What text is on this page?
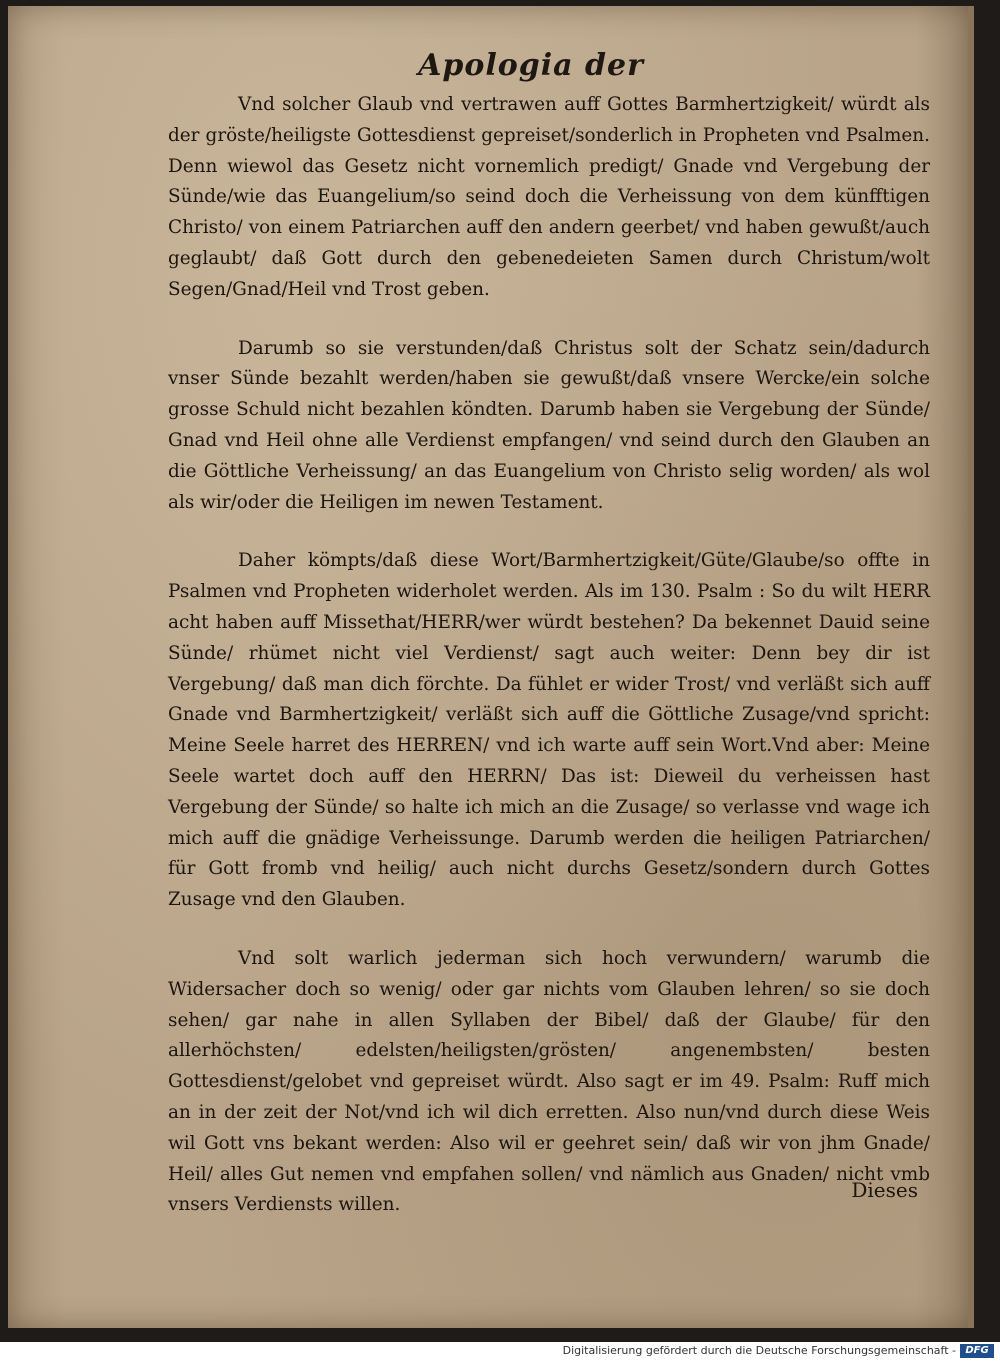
Apologia der

Vnd solcher Glaub vnd vertrawen auff Gottes Barmhertzigkeit/ würdt als der gröste/heiligste Gottesdienst gepreiset/sonderlich in Propheten vnd Psalmen. Denn wiewol das Gesetz nicht vornemlich predigt/ Gnade vnd Vergebung der Sünde/wie das Euangelium/so seind doch die Verheissung von dem künfftigen Christo/ von einem Patriarchen auff den andern geerbet/ vnd haben gewußt/auch geglaubt/ daß Gott durch den gebenedeieten Samen durch Christum/wolt Segen/Gnad/Heil vnd Trost geben.

Darumb so sie verstunden/daß Christus solt der Schatz sein/dadurch vnser Sünde bezahlt werden/haben sie gewußt/daß vnsere Wercke/ein solche grosse Schuld nicht bezahlen köndten. Darumb haben sie Vergebung der Sünde/ Gnad vnd Heil ohne alle Verdienst empfangen/ vnd seind durch den Glauben an die Göttliche Verheissung/ an das Euangelium von Christo selig worden/ als wol als wir/oder die Heiligen im newen Testament.

Daher kömpts/daß diese Wort/Barmhertzigkeit/Güte/Glaube/so offte in Psalmen vnd Propheten widerholet werden. Als im 130. Psalm : So du wilt HERR acht haben auff Missethat/HERR/wer würdt bestehen? Da bekennet Dauid seine Sünde/ rhümet nicht viel Verdienst/ sagt auch weiter: Denn bey dir ist Vergebung/ daß man dich förchte. Da fühlet er wider Trost/ vnd verläßt sich auff Gnade vnd Barmhertzigkeit/ verläßt sich auff die Göttliche Zusage/vnd spricht: Meine Seele harret des HERREN/ vnd ich warte auff sein Wort.Vnd aber: Meine Seele wartet doch auff den HERRN/ Das ist: Dieweil du verheissen hast Vergebung der Sünde/ so halte ich mich an die Zusage/ so verlasse vnd wage ich mich auff die gnädige Verheissunge. Darumb werden die heiligen Patriarchen/ für Gott fromb vnd heilig/ auch nicht durchs Gesetz/sondern durch Gottes Zusage vnd den Glauben.

Vnd solt warlich jederman sich hoch verwundern/ warumb die Widersacher doch so wenig/ oder gar nichts vom Glauben lehren/ so sie doch sehen/ gar nahe in allen Syllaben der Bibel/ daß der Glaube/ für den allerhöchsten/ edelsten/heiligsten/grösten/ angenembsten/ besten Gottesdienst/gelobet vnd gepreiset würdt. Also sagt er im 49. Psalm: Ruff mich an in der zeit der Not/vnd ich wil dich erretten. Also nun/vnd durch diese Weis wil Gott vns bekant werden: Also wil er geehret sein/ daß wir von jhm Gnade/ Heil/ alles Gut nemen vnd empfahen sollen/ vnd nämlich aus Gnaden/ nicht vmb vnsers Verdiensts willen.

Dieses
Digitalisierung gefördert durch die Deutsche Forschungsgemeinschaft - DFG
